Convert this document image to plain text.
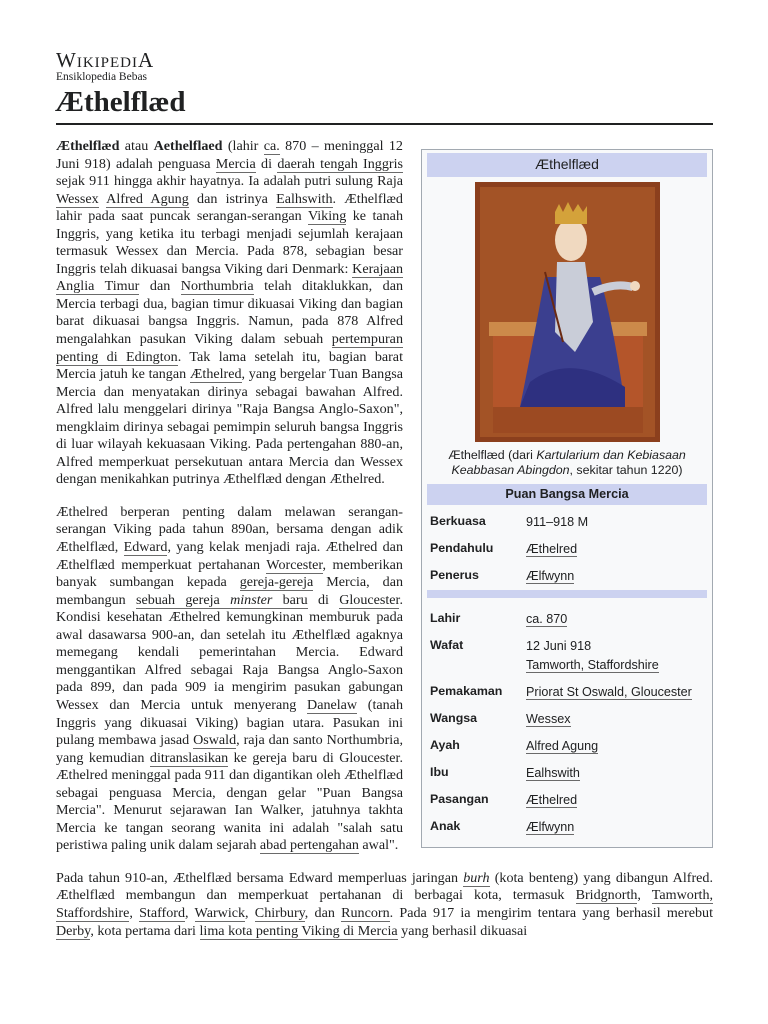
WikipediA
Ensiklopedia Bebas
Æthelflæd
Æthelflæd
Æthelflæd (dari Kartularium dan Kebiasaan Keabbasan Abingdon, sekitar tahun 1220)
Puan Bangsa Mercia
Berkuasa	911–918 M
Pendahulu	Æthelred
Penerus	Ælfwynn

Lahir	ca. 870
Wafat	12 Juni 918
Tamworth, Staffordshire
Pemakaman	Priorat St Oswald, Gloucester
Wangsa	Wessex
Ayah	Alfred Agung
Ibu	Ealhswith
Pasangan	Æthelred
Anak	Ælfwynn

Æthelflæd atau Aethelflaed (lahir ca. 870 – meninggal 12 Juni 918) adalah penguasa Mercia di daerah tengah Inggris sejak 911 hingga akhir hayatnya. Ia adalah putri sulung Raja Wessex Alfred Agung dan istrinya Ealhswith. Æthelflæd lahir pada saat puncak serangan-serangan Viking ke tanah Inggris, yang ketika itu terbagi menjadi sejumlah kerajaan termasuk Wessex dan Mercia. Pada 878, sebagian besar Inggris telah dikuasai bangsa Viking dari Denmark: Kerajaan Anglia Timur dan Northumbria telah ditaklukkan, dan Mercia terbagi dua, bagian timur dikuasai Viking dan bagian barat dikuasai bangsa Inggris. Namun, pada 878 Alfred mengalahkan pasukan Viking dalam sebuah pertempuran penting di Edington. Tak lama setelah itu, bagian barat Mercia jatuh ke tangan Æthelred, yang bergelar Tuan Bangsa Mercia dan menyatakan dirinya sebagai bawahan Alfred. Alfred lalu menggelari dirinya "Raja Bangsa Anglo-Saxon", mengklaim dirinya sebagai pemimpin seluruh bangsa Inggris di luar wilayah kekuasaan Viking. Pada pertengahan 880-an, Alfred memperkuat persekutuan antara Mercia dan Wessex dengan menikahkan putrinya Æthelflæd dengan Æthelred.

Æthelred berperan penting dalam melawan serangan-serangan Viking pada tahun 890an, bersama dengan adik Æthelflæd, Edward, yang kelak menjadi raja. Æthelred dan Æthelflæd memperkuat pertahanan Worcester, memberikan banyak sumbangan kepada gereja-gereja Mercia, dan membangun sebuah gereja minster baru di Gloucester. Kondisi kesehatan Æthelred kemungkinan memburuk pada awal dasawarsa 900-an, dan setelah itu Æthelflæd agaknya memegang kendali pemerintahan Mercia. Edward menggantikan Alfred sebagai Raja Bangsa Anglo-Saxon pada 899, dan pada 909 ia mengirim pasukan gabungan Wessex dan Mercia untuk menyerang Danelaw (tanah Inggris yang dikuasai Viking) bagian utara. Pasukan ini pulang membawa jasad Oswald, raja dan santo Northumbria, yang kemudian ditranslasikan ke gereja baru di Gloucester. Æthelred meninggal pada 911 dan digantikan oleh Æthelflæd sebagai penguasa Mercia, dengan gelar "Puan Bangsa Mercia". Menurut sejarawan Ian Walker, jatuhnya takhta Mercia ke tangan seorang wanita ini adalah "salah satu peristiwa paling unik dalam sejarah abad pertengahan awal".

Pada tahun 910-an, Æthelflæd bersama Edward memperluas jaringan burh (kota benteng) yang dibangun Alfred. Æthelflæd membangun dan memperkuat pertahanan di berbagai kota, termasuk Bridgnorth, Tamworth, Staffordshire, Stafford, Warwick, Chirbury, dan Runcorn. Pada 917 ia mengirim tentara yang berhasil merebut Derby, kota pertama dari lima kota penting Viking di Mercia yang berhasil dikuasai
